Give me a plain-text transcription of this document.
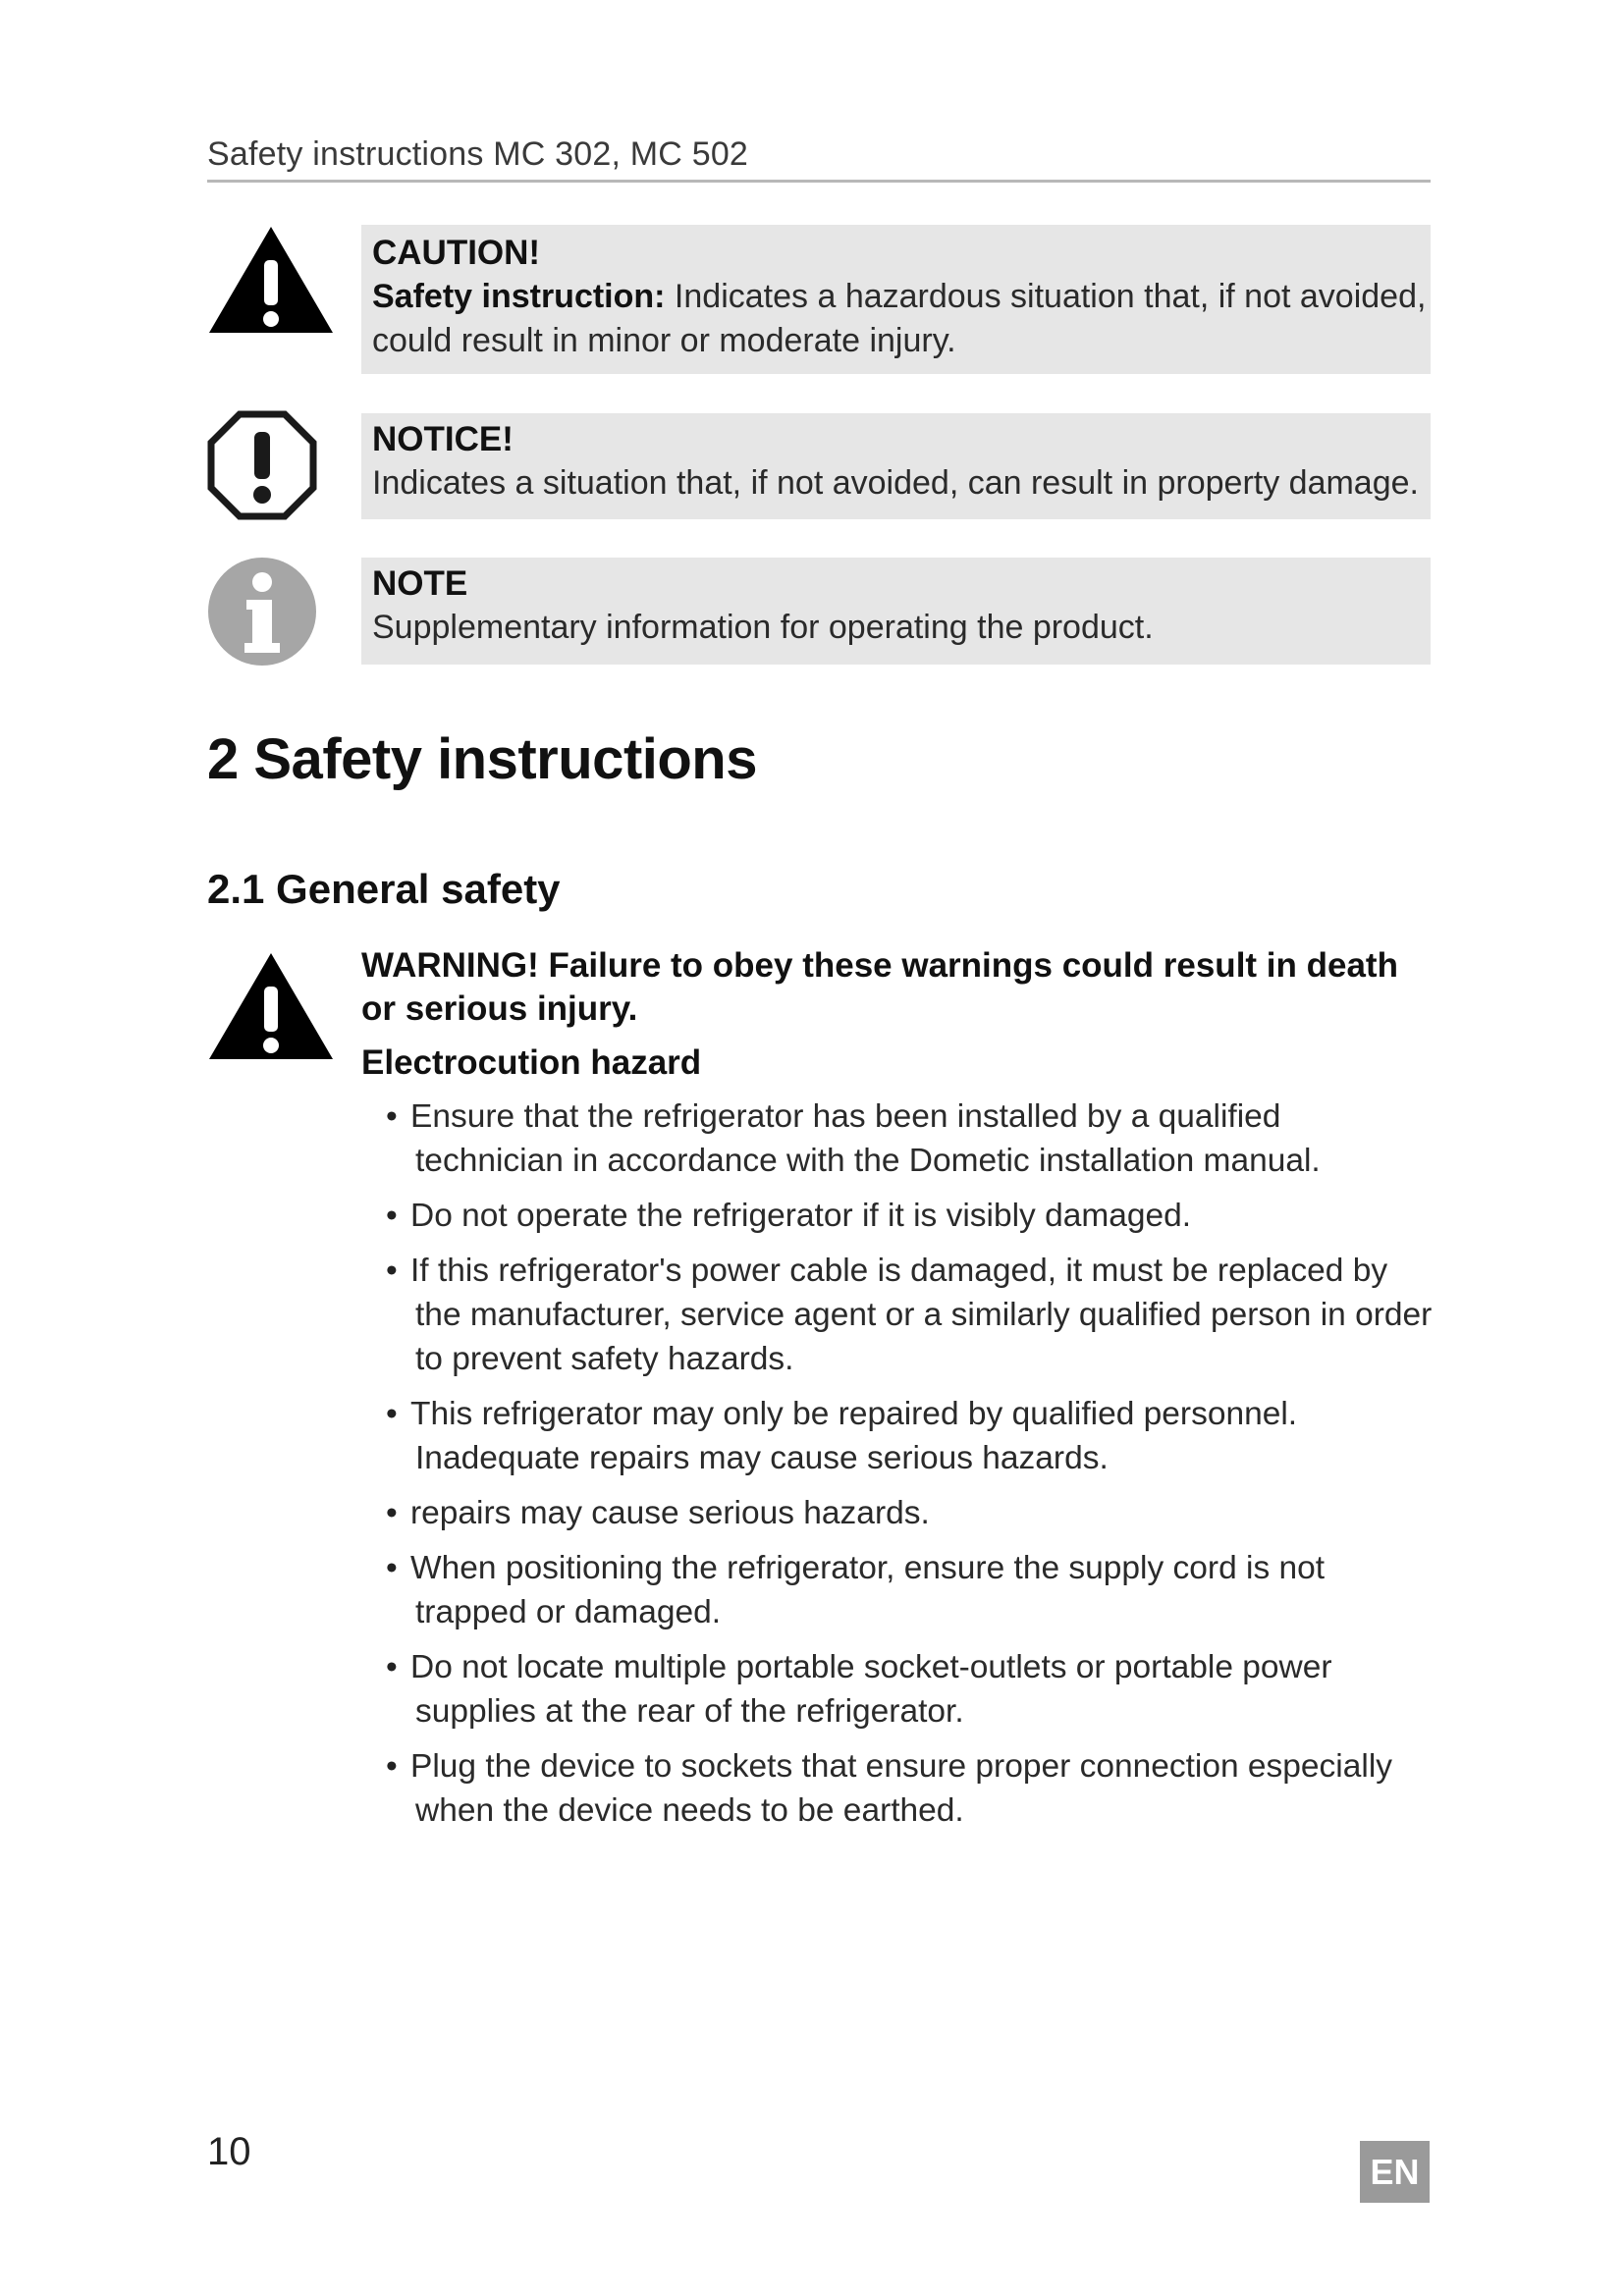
Safety instructions MC 302, MC 502
CAUTION!
Safety instruction: Indicates a hazardous situation that, if not avoided, could result in minor or moderate injury.
NOTICE!
Indicates a situation that, if not avoided, can result in property damage.
NOTE
Supplementary information for operating the product.
2 Safety instructions
2.1 General safety
WARNING! Failure to obey these warnings could result in death or serious injury.
Electrocution hazard
• Ensure that the refrigerator has been installed by a qualified technician in accordance with the Dometic installation manual.
• Do not operate the refrigerator if it is visibly damaged.
• If this refrigerator's power cable is damaged, it must be replaced by the manufacturer, service agent or a similarly qualified person in order to prevent safety hazards.
• This refrigerator may only be repaired by qualified personnel. Inadequate repairs may cause serious hazards.
• repairs may cause serious hazards.
• When positioning the refrigerator, ensure the supply cord is not trapped or damaged.
• Do not locate multiple portable socket-outlets or portable power supplies at the rear of the refrigerator.
• Plug the device to sockets that ensure proper connection especially when the device needs to be earthed.
10	EN
